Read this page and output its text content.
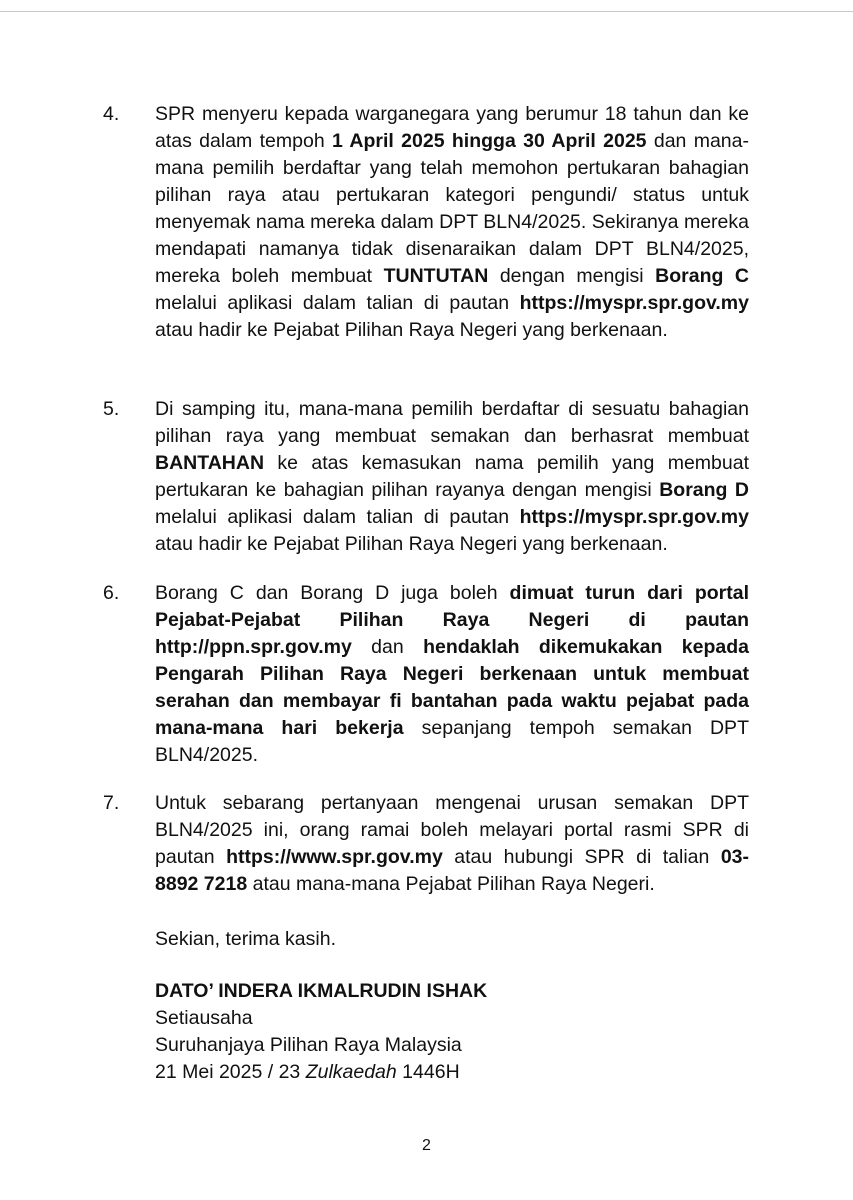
4. SPR menyeru kepada warganegara yang berumur 18 tahun dan ke atas dalam tempoh 1 April 2025 hingga 30 April 2025 dan mana-mana pemilih berdaftar yang telah memohon pertukaran bahagian pilihan raya atau pertukaran kategori pengundi/ status untuk menyemak nama mereka dalam DPT BLN4/2025. Sekiranya mereka mendapati namanya tidak disenaraikan dalam DPT BLN4/2025, mereka boleh membuat TUNTUTAN dengan mengisi Borang C melalui aplikasi dalam talian di pautan https://myspr.spr.gov.my atau hadir ke Pejabat Pilihan Raya Negeri yang berkenaan.
5. Di samping itu, mana-mana pemilih berdaftar di sesuatu bahagian pilihan raya yang membuat semakan dan berhasrat membuat BANTAHAN ke atas kemasukan nama pemilih yang membuat pertukaran ke bahagian pilihan rayanya dengan mengisi Borang D melalui aplikasi dalam talian di pautan https://myspr.spr.gov.my atau hadir ke Pejabat Pilihan Raya Negeri yang berkenaan.
6. Borang C dan Borang D juga boleh dimuat turun dari portal Pejabat-Pejabat Pilihan Raya Negeri di pautan http://ppn.spr.gov.my dan hendaklah dikemukakan kepada Pengarah Pilihan Raya Negeri berkenaan untuk membuat serahan dan membayar fi bantahan pada waktu pejabat pada mana-mana hari bekerja sepanjang tempoh semakan DPT BLN4/2025.
7. Untuk sebarang pertanyaan mengenai urusan semakan DPT BLN4/2025 ini, orang ramai boleh melayari portal rasmi SPR di pautan https://www.spr.gov.my atau hubungi SPR di talian 03-8892 7218 atau mana-mana Pejabat Pilihan Raya Negeri.
Sekian, terima kasih.
DATO’ INDERA IKMALRUDIN ISHAK
Setiausaha
Suruhanjaya Pilihan Raya Malaysia
21 Mei 2025 / 23 Zulkaedah 1446H
2
